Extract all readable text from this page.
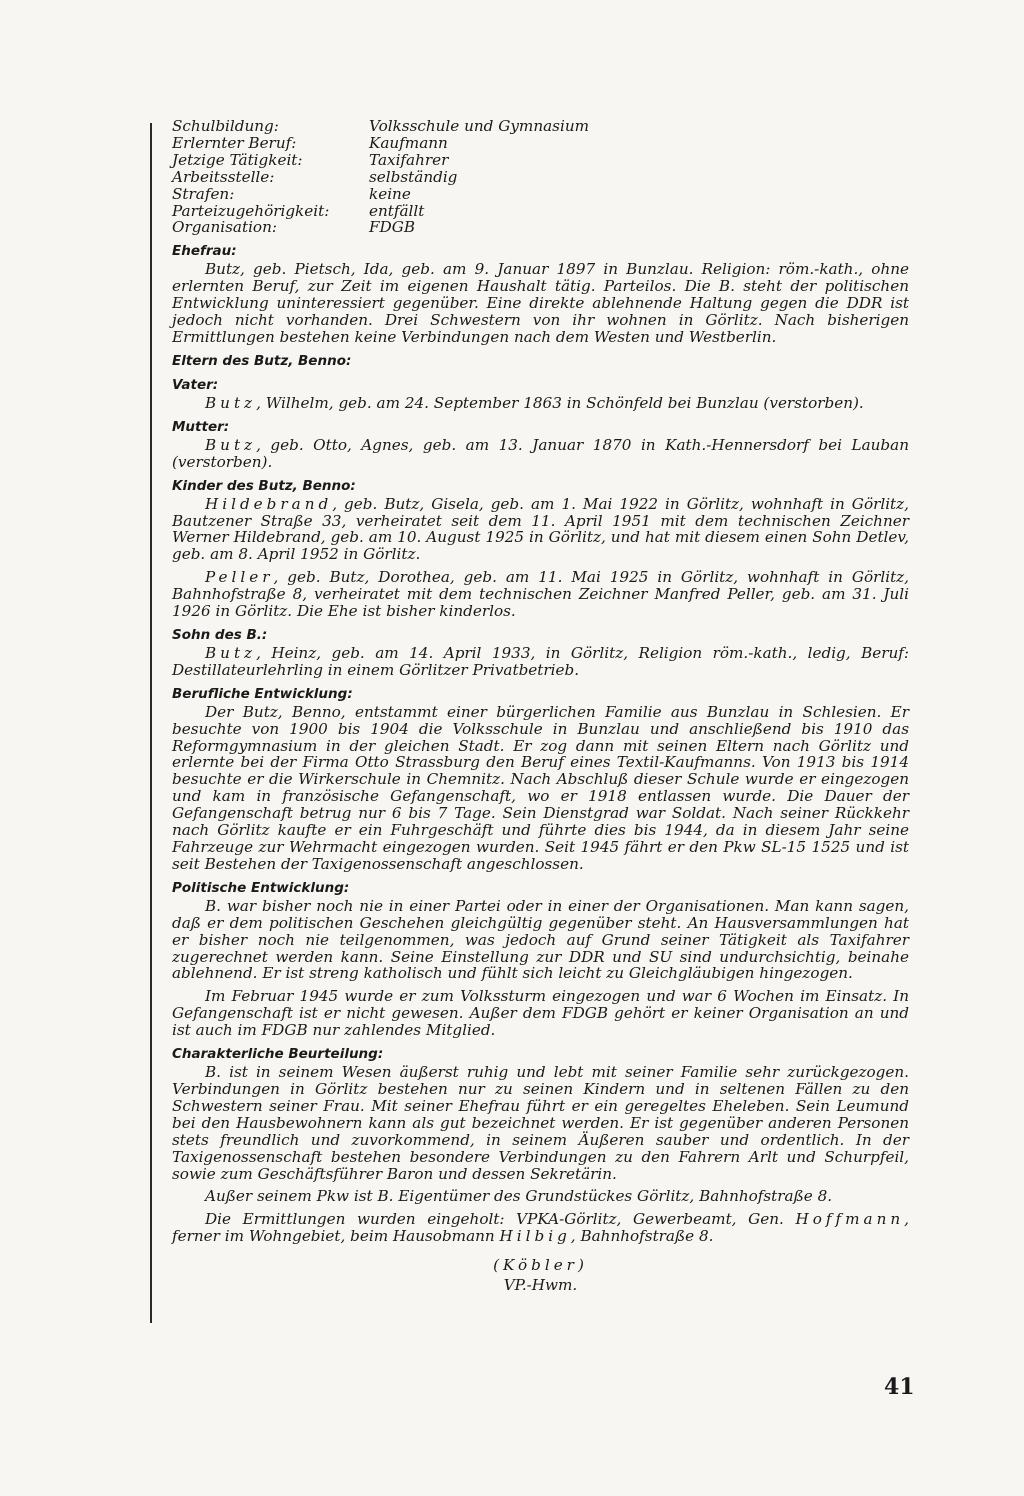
Schulbildung:	Volksschule und Gymnasium
Erlernter Beruf:	Kaufmann
Jetzige Tätigkeit:	Taxifahrer
Arbeitsstelle:	selbständig
Strafen:	keine
Parteizugehörigkeit:	entfällt
Organisation:	FDGB
Ehefrau:

Butz, geb. Pietsch, Ida, geb. am 9. Januar 1897 in Bunzlau. Religion: röm.-kath., ohne erlernten Beruf, zur Zeit im eigenen Haushalt tätig. Parteilos. Die B. steht der politischen Entwicklung uninteressiert gegenüber. Eine direkte ablehnende Haltung gegen die DDR ist jedoch nicht vorhanden. Drei Schwestern von ihr wohnen in Görlitz. Nach bisherigen Ermittlungen bestehen keine Verbindungen nach dem Westen und Westberlin.

Eltern des Butz, Benno:
Vater:

Butz, Wilhelm, geb. am 24. September 1863 in Schönfeld bei Bunzlau (verstorben).

Mutter:

Butz, geb. Otto, Agnes, geb. am 13. Januar 1870 in Kath.-Hennersdorf bei Lauban (verstorben).

Kinder des Butz, Benno:

Hildebrand, geb. Butz, Gisela, geb. am 1. Mai 1922 in Görlitz, wohnhaft in Görlitz, Bautzener Straße 33, verheiratet seit dem 11. April 1951 mit dem technischen Zeichner Werner Hildebrand, geb. am 10. August 1925 in Görlitz, und hat mit diesem einen Sohn Detlev, geb. am 8. April 1952 in Görlitz.

Peller, geb. Butz, Dorothea, geb. am 11. Mai 1925 in Görlitz, wohnhaft in Görlitz, Bahnhofstraße 8, verheiratet mit dem technischen Zeichner Manfred Peller, geb. am 31. Juli 1926 in Görlitz. Die Ehe ist bisher kinderlos.

Sohn des B.:

Butz, Heinz, geb. am 14. April 1933, in Görlitz, Religion röm.-kath., ledig, Beruf: Destillateurlehrling in einem Görlitzer Privatbetrieb.

Berufliche Entwicklung:

Der Butz, Benno, entstammt einer bürgerlichen Familie aus Bunzlau in Schlesien. Er besuchte von 1900 bis 1904 die Volksschule in Bunzlau und anschließend bis 1910 das Reformgymnasium in der gleichen Stadt. Er zog dann mit seinen Eltern nach Görlitz und erlernte bei der Firma Otto Strassburg den Beruf eines Textil-Kaufmanns. Von 1913 bis 1914 besuchte er die Wirkerschule in Chemnitz. Nach Abschluß dieser Schule wurde er eingezogen und kam in französische Gefangenschaft, wo er 1918 entlassen wurde. Die Dauer der Gefangenschaft betrug nur 6 bis 7 Tage. Sein Dienstgrad war Soldat. Nach seiner Rückkehr nach Görlitz kaufte er ein Fuhrgeschäft und führte dies bis 1944, da in diesem Jahr seine Fahrzeuge zur Wehrmacht eingezogen wurden. Seit 1945 fährt er den Pkw SL-15 1525 und ist seit Bestehen der Taxigenossenschaft angeschlossen.

Politische Entwicklung:

B. war bisher noch nie in einer Partei oder in einer der Organisationen. Man kann sagen, daß er dem politischen Geschehen gleichgültig gegenüber steht. An Hausversammlungen hat er bisher noch nie teilgenommen, was jedoch auf Grund seiner Tätigkeit als Taxifahrer zugerechnet werden kann. Seine Einstellung zur DDR und SU sind undurchsichtig, beinahe ablehnend. Er ist streng katholisch und fühlt sich leicht zu Gleichgläubigen hingezogen.

Im Februar 1945 wurde er zum Volkssturm eingezogen und war 6 Wochen im Einsatz. In Gefangenschaft ist er nicht gewesen. Außer dem FDGB gehört er keiner Organisation an und ist auch im FDGB nur zahlendes Mitglied.

Charakterliche Beurteilung:

B. ist in seinem Wesen äußerst ruhig und lebt mit seiner Familie sehr zurückgezogen. Verbindungen in Görlitz bestehen nur zu seinen Kindern und in seltenen Fällen zu den Schwestern seiner Frau. Mit seiner Ehefrau führt er ein geregeltes Eheleben. Sein Leumund bei den Hausbewohnern kann als gut bezeichnet werden. Er ist gegenüber anderen Personen stets freundlich und zuvorkommend, in seinem Äußeren sauber und ordentlich. In der Taxigenossenschaft bestehen besondere Verbindungen zu den Fahrern Arlt und Schurpfeil, sowie zum Geschäftsführer Baron und dessen Sekretärin.

Außer seinem Pkw ist B. Eigentümer des Grundstückes Görlitz, Bahnhofstraße 8.

Die Ermittlungen wurden eingeholt: VPKA-Görlitz, Gewerbeamt, Gen. Hoffmann, ferner im Wohngebiet, beim Hausobmann Hilbig, Bahnhofstraße 8.

(Köbler)
VP.-Hwm.
41
